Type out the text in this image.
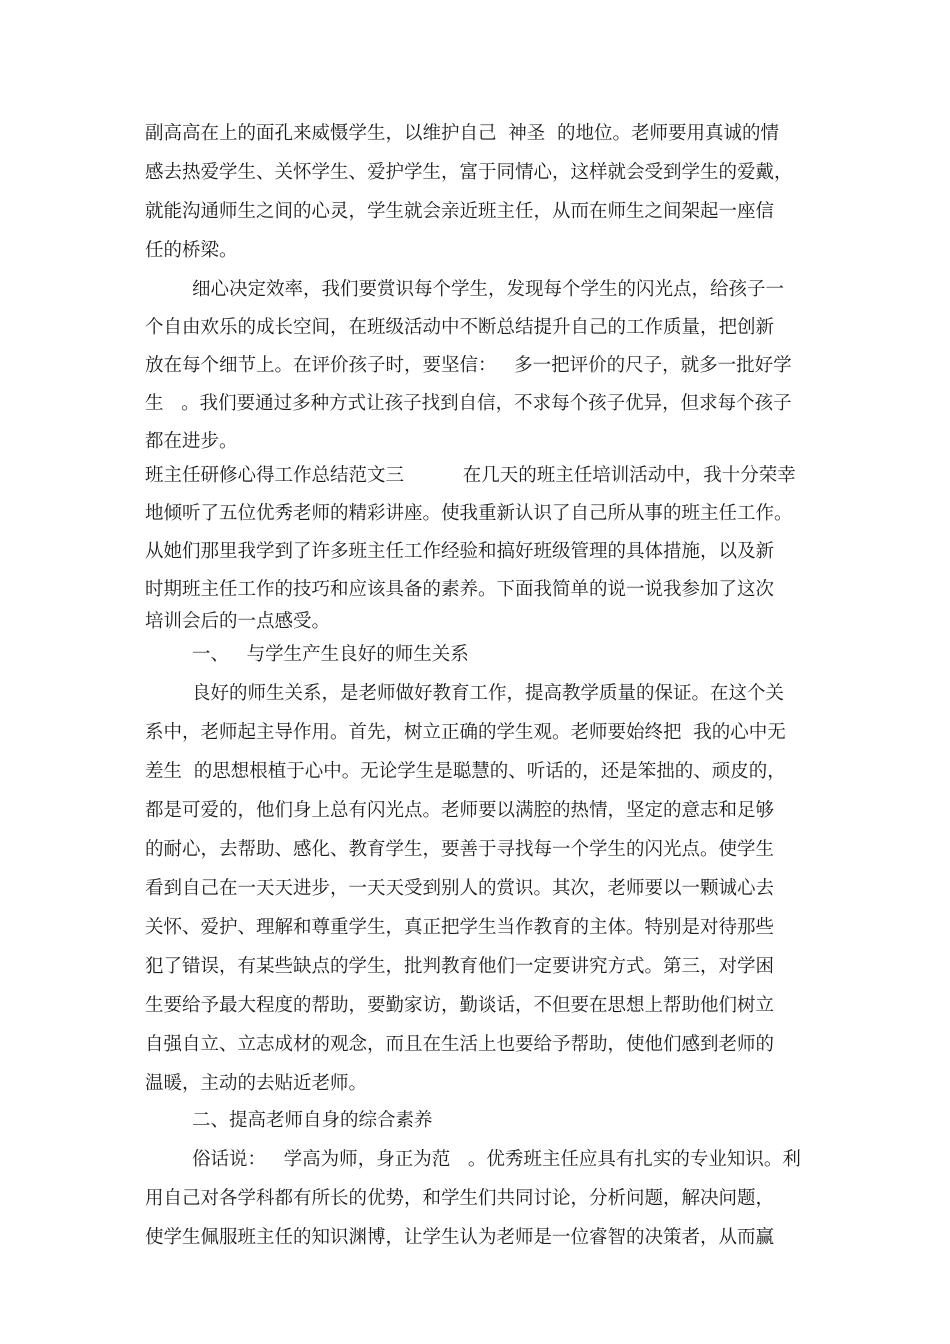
副高高在上的面孔来威慑学生，以维护自己  神圣  的地位。老师要用真诚的情
感去热爱学生、关怀学生、爱护学生，富于同情心，这样就会受到学生的爱戴，
就能沟通师生之间的心灵，学生就会亲近班主任，从而在师生之间架起一座信
任的桥梁。
细心决定效率，我们要赏识每个学生，发现每个学生的闪光点，给孩子一
个自由欢乐的成长空间，在班级活动中不断总结提升自己的工作质量，把创新
放在每个细节上。在评价孩子时，要坚信：   多一把评价的尺子，就多一批好学
生   。我们要通过多种方式让孩子找到自信，不求每个孩子优异，但求每个孩子
都在进步。
班主任研修心得工作总结范文三          在几天的班主任培训活动中，我十分荣幸
地倾听了五位优秀老师的精彩讲座。使我重新认识了自己所从事的班主任工作。
从她们那里我学到了许多班主任工作经验和搞好班级管理的具体措施，以及新
时期班主任工作的技巧和应该具备的素养。下面我简单的说一说我参加了这次
培训会后的一点感受。
一、   与学生产生良好的师生关系
良好的师生关系，是老师做好教育工作，提高教学质量的保证。在这个关
系中，老师起主导作用。首先，树立正确的学生观。老师要始终把  我的心中无
差生  的思想根植于心中。无论学生是聪慧的、听话的，还是笨拙的、顽皮的，
都是可爱的，他们身上总有闪光点。老师要以满腔的热情，坚定的意志和足够
的耐心，去帮助、感化、教育学生，要善于寻找每一个学生的闪光点。使学生
看到自己在一天天进步，一天天受到别人的赏识。其次，老师要以一颗诚心去
关怀、爱护、理解和尊重学生，真正把学生当作教育的主体。特别是对待那些
犯了错误，有某些缺点的学生，批判教育他们一定要讲究方式。第三，对学困
生要给予最大程度的帮助，要勤家访，勤谈话，不但要在思想上帮助他们树立
自强自立、立志成材的观念，而且在生活上也要给予帮助，使他们感到老师的
温暖，主动的去贴近老师。
二、提高老师自身的综合素养
俗话说：   学高为师，身正为范   。优秀班主任应具有扎实的专业知识。利
用自己对各学科都有所长的优势，和学生们共同讨论，分析问题，解决问题，
使学生佩服班主任的知识渊博，让学生认为老师是一位睿智的决策者，从而赢
